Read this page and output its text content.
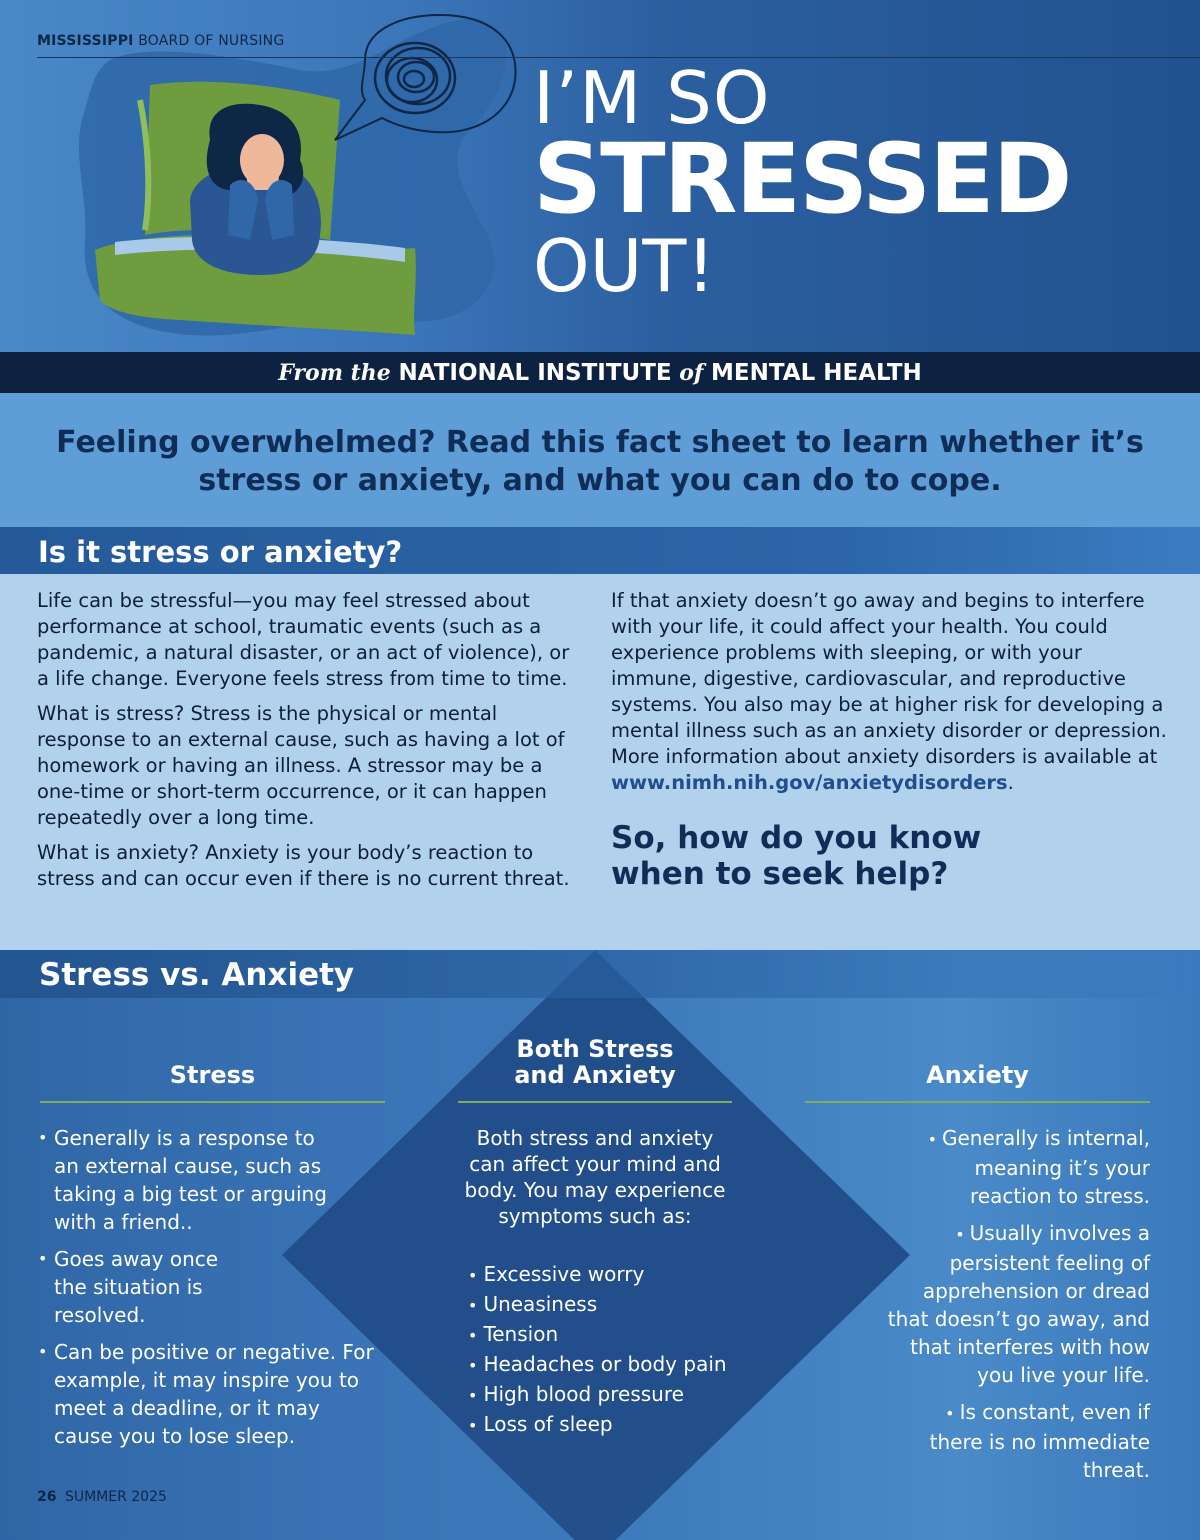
MISSISSIPPI BOARD OF NURSING
I’M SO
STRESSED
OUT!
From the NATIONAL INSTITUTE of MENTAL HEALTH
Feeling overwhelmed? Read this fact sheet to learn whether it’s
stress or anxiety, and what you can do to cope.
Is it stress or anxiety?

Life can be stressful—you may feel stressed about performance at school, traumatic events (such as a pandemic, a natural disaster, or an act of violence), or a life change. Everyone feels stress from time to time.

What is stress? Stress is the physical or mental response to an external cause, such as having a lot of homework or having an illness. A stressor may be a one-time or short-term occurrence, or it can happen repeatedly over a long time.

What is anxiety? Anxiety is your body’s reaction to stress and can occur even if there is no current threat.

If that anxiety doesn’t go away and begins to interfere with your life, it could affect your health. You could experience problems with sleeping, or with your immune, digestive, cardiovascular, and reproductive systems. You also may be at higher risk for developing a mental illness such as an anxiety disorder or depression. More information about anxiety disorders is available at www.nimh.nih.gov/anxietydisorders.

So, how do you know
when to seek help?
Stress vs. Anxiety
Stress
• Generally is a response to an external cause, such as taking a big test or arguing with a friend..
• Goes away once the situation is resolved.
• Can be positive or negative. For example, it may inspire you to meet a deadline, or it may cause you to lose sleep.
Both Stress
and Anxiety
Both stress and anxiety can affect your mind and body. You may experience symptoms such as:
• Excessive worry
• Uneasiness
• Tension
• Headaches or body pain
• High blood pressure
• Loss of sleep
Anxiety
• Generally is internal, meaning it’s your reaction to stress.
• Usually involves a persistent feeling of apprehension or dread that doesn’t go away, and that interferes with how you live your life.
• Is constant, even if there is no immediate threat.
26 SUMMER 2025
